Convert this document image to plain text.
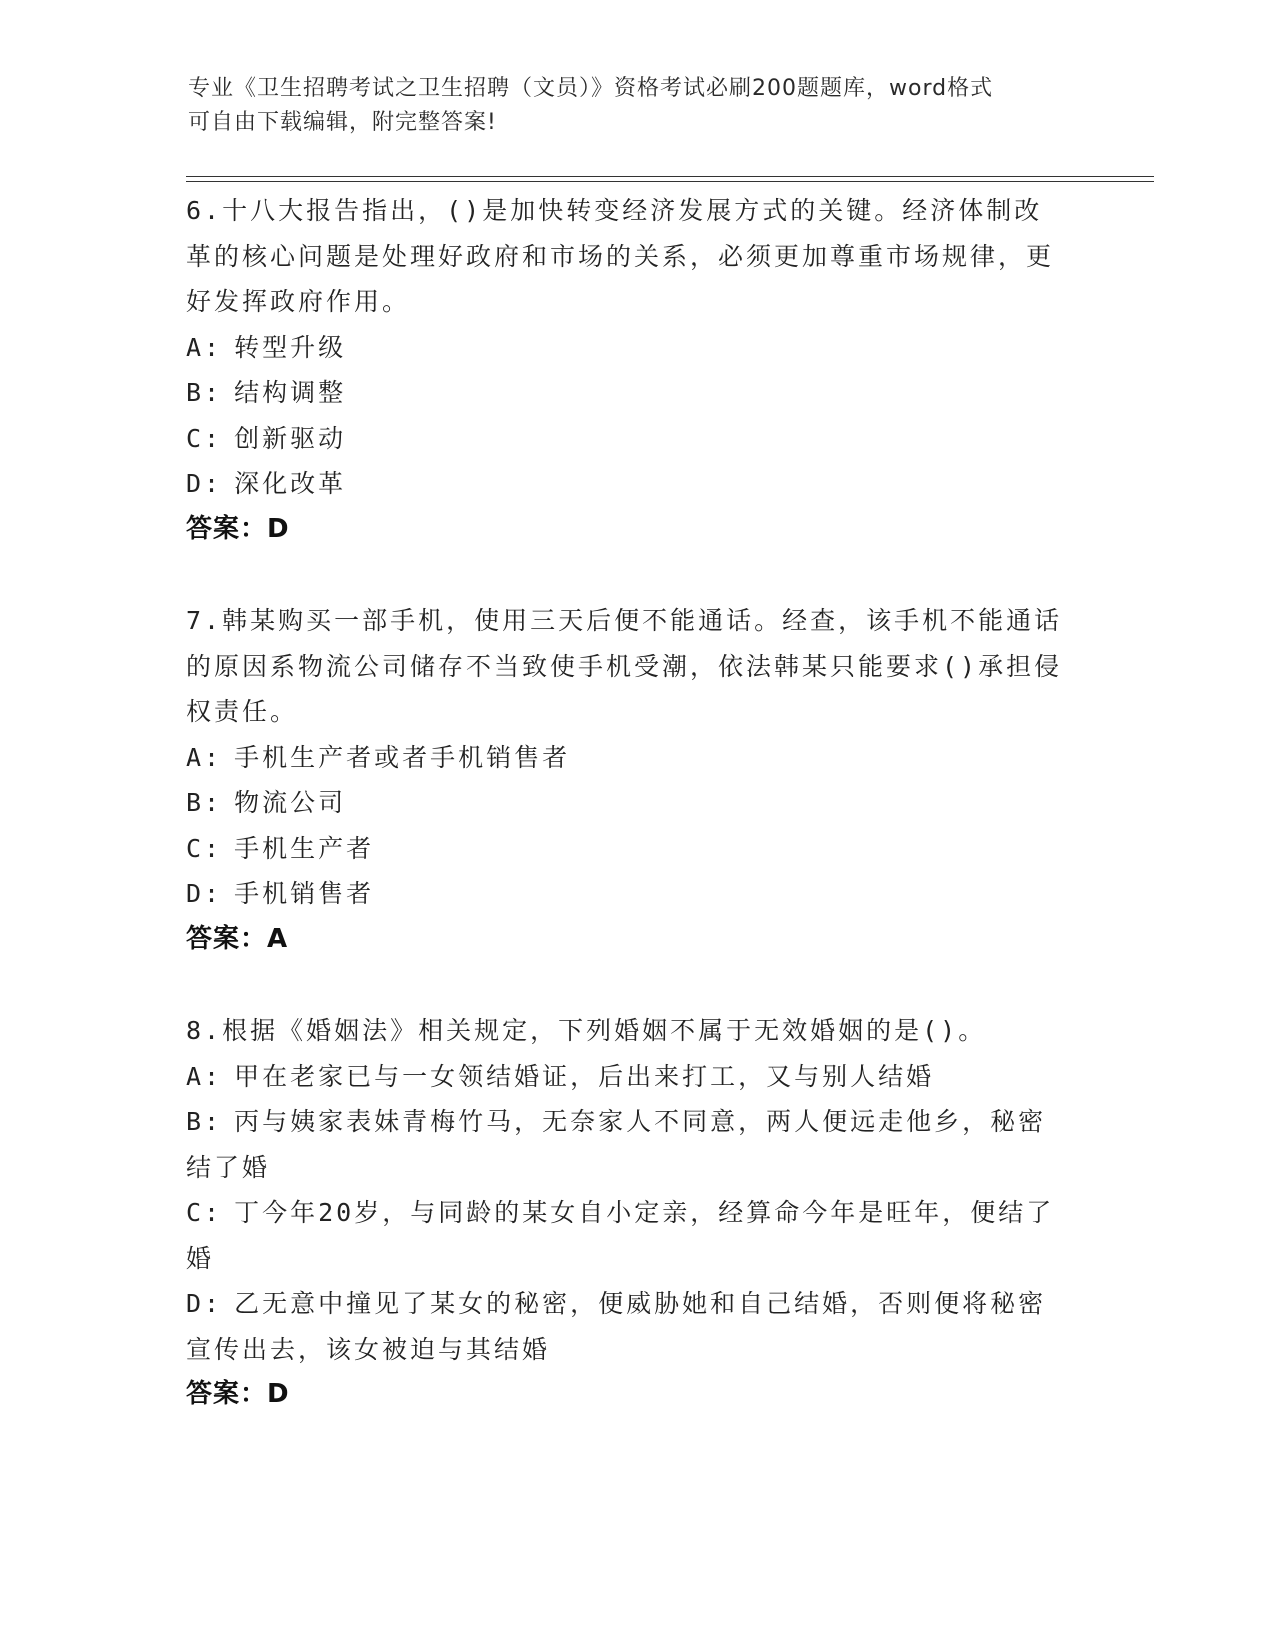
专业《卫生招聘考试之卫生招聘（文员）》资格考试必刷200题题库，word格式
可自由下载编辑，附完整答案!

6.十八大报告指出，()是加快转变经济发展方式的关键。经济体制改革的核心问题是处理好政府和市场的关系，必须更加尊重市场规律，更好发挥政府作用。

A: 转型升级

B: 结构调整

C: 创新驱动

D: 深化改革

答案：D

7.韩某购买一部手机，使用三天后便不能通话。经查，该手机不能通话的原因系物流公司储存不当致使手机受潮，依法韩某只能要求()承担侵权责任。

A: 手机生产者或者手机销售者

B: 物流公司

C: 手机生产者

D: 手机销售者

答案：A

8.根据《婚姻法》相关规定，下列婚姻不属于无效婚姻的是()。

A: 甲在老家已与一女领结婚证，后出来打工，又与别人结婚

B: 丙与姨家表妹青梅竹马，无奈家人不同意，两人便远走他乡，秘密结了婚

C: 丁今年20岁，与同龄的某女自小定亲，经算命今年是旺年，便结了婚

D: 乙无意中撞见了某女的秘密，便威胁她和自己结婚，否则便将秘密宣传出去，该女被迫与其结婚

答案：D
